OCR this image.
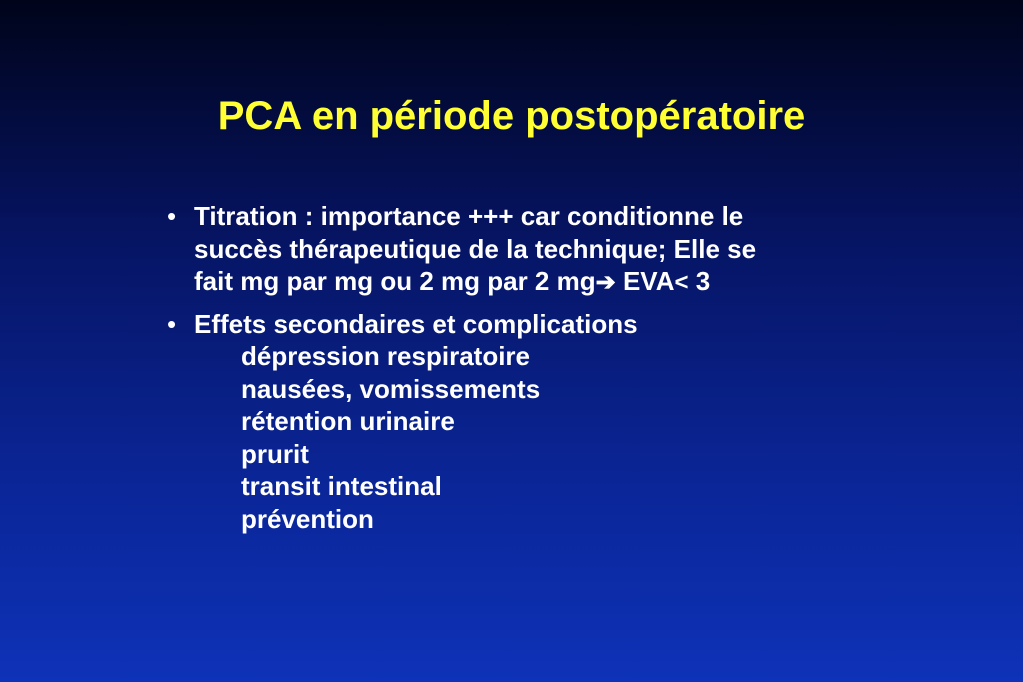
PCA en période postopératoire
• Titration : importance +++ car conditionne le
succès thérapeutique de la technique; Elle se
fait mg par mg ou 2 mg par 2 mg➔ EVA< 3
• Effets secondaires et complications
dépression respiratoire
nausées, vomissements
rétention urinaire
prurit
transit intestinal
prévention
